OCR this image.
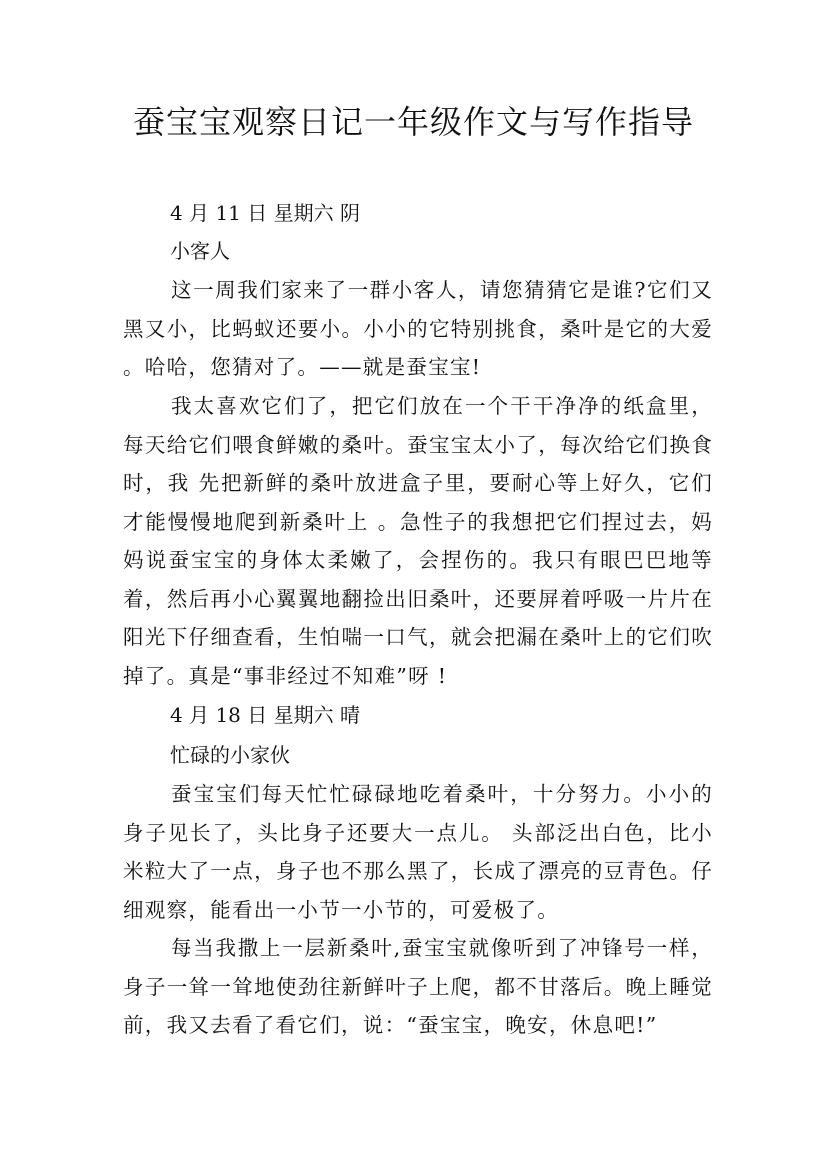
蚕宝宝观察日记一年级作文与写作指导
4 月 11 日 星期六 阴
小客人
这一周我们家来了一群小客人，请您猜猜它是谁?它们又黑又小，比蚂蚁还要小。小小的它特别挑食，桑叶是它的大爱 。哈哈，您猜对了。——就是蚕宝宝!
我太喜欢它们了，把它们放在一个干干净净的纸盒里，每天给它们喂食鲜嫩的桑叶。蚕宝宝太小了，每次给它们换食时，我 先把新鲜的桑叶放进盒子里，要耐心等上好久，它们才能慢慢地爬到新桑叶上 。急性子的我想把它们捏过去，妈妈说蚕宝宝的身体太柔嫩了，会捏伤的。我只有眼巴巴地等着，然后再小心翼翼地翻捡出旧桑叶，还要屏着呼吸一片片在阳光下仔细查看，生怕喘一口气，就会把漏在桑叶上的它们吹掉了。真是“事非经过不知难”呀 !
4 月 18 日 星期六 晴
忙碌的小家伙
蚕宝宝们每天忙忙碌碌地吃着桑叶，十分努力。小小的身子见长了，头比身子还要大一点儿。 头部泛出白色，比小米粒大了一点，身子也不那么黑了，长成了漂亮的豆青色。仔细观察，能看出一小节一小节的，可爱极了。
每当我撒上一层新桑叶,蚕宝宝就像听到了冲锋号一样，身子一耸一耸地使劲往新鲜叶子上爬，都不甘落后。晚上睡觉前，我又去看了看它们，说：“蚕宝宝，晚安，休息吧!”
